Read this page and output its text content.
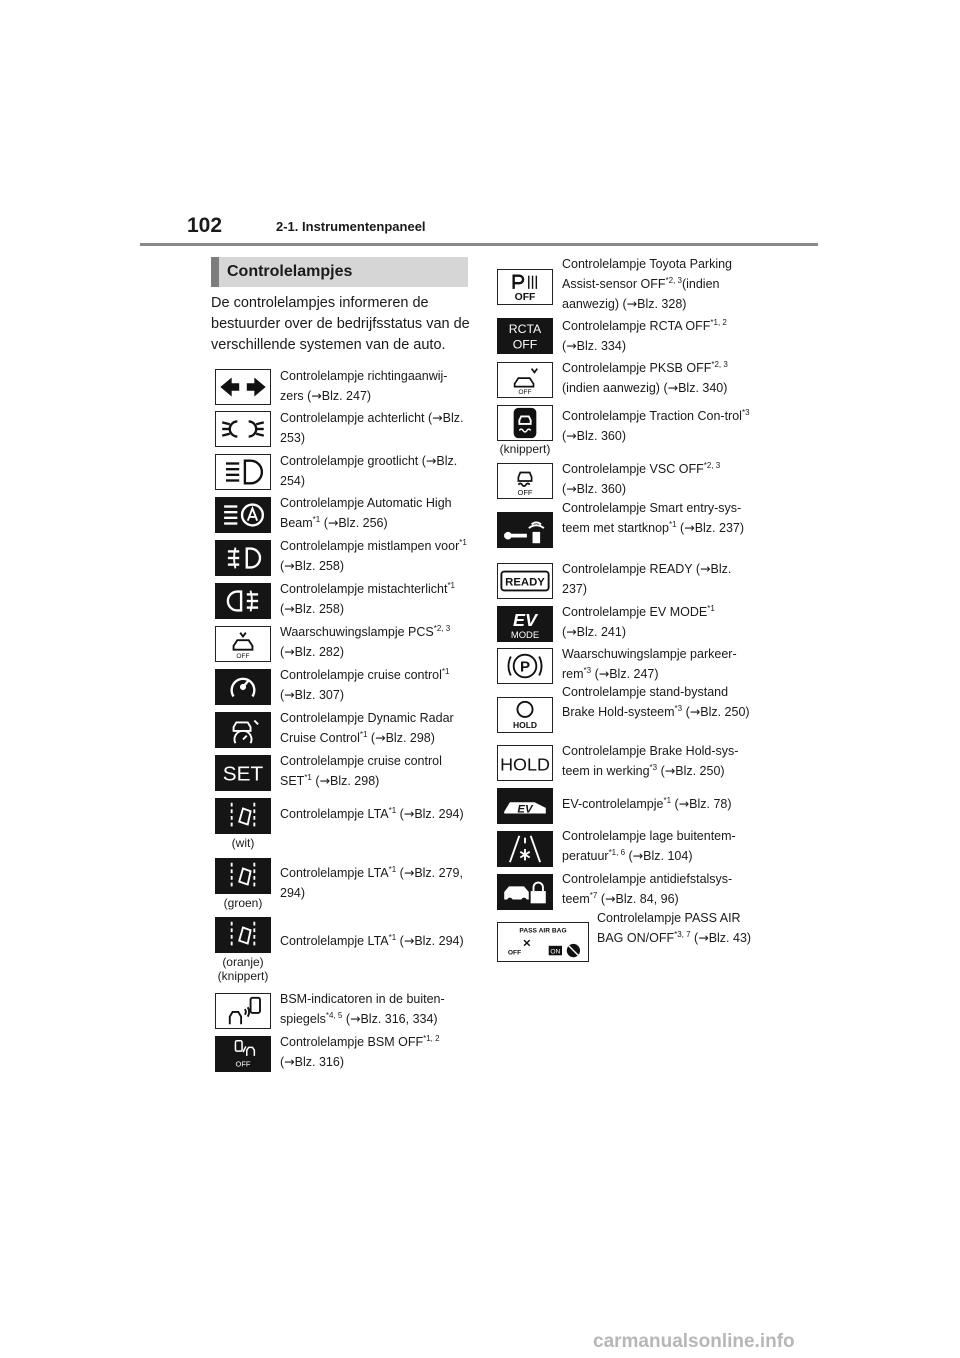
102	2-1. Instrumentenpaneel
Controlelampjes
De controlelampjes informeren de bestuurder over de bedrijfsstatus van de verschillende systemen van de auto.
Controlelampje richtingaanwij-zers (→Blz. 247)
Controlelampje achterlicht (→Blz. 253)
Controlelampje grootlicht (→Blz. 254)
Controlelampje Automatic High Beam$^{*1}$ (→Blz. 256)
Controlelampje mistlampen voor$^{*1}$ (→Blz. 258)
Controlelampje mistachterlicht$^{*1}$ (→Blz. 258)
OFF
Waarschuwingslampje PCS$^{*2, 3}$ (→Blz. 282)
Controlelampje cruise control$^{*1}$ (→Blz. 307)
Controlelampje Dynamic Radar Cruise Control$^{*1}$ (→Blz. 298)
SET
Controlelampje cruise control SET$^{*1}$ (→Blz. 298)
(wit)
Controlelampje LTA$^{*1}$ (→Blz. 294)
(groen)
Controlelampje LTA$^{*1}$ (→Blz. 279, 294)
(oranje)
(knippert)
Controlelampje LTA$^{*1}$ (→Blz. 294)
BSM-indicatoren in de buiten-spiegels$^{*4, 5}$ (→Blz. 316, 334)
OFF
Controlelampje BSM OFF$^{*1, 2}$ (→Blz. 316)
OFF
Controlelampje Toyota Parking Assist-sensor OFF$^{*2, 3}$(indien aanwezig) (→Blz. 328)
RCTA
OFF
Controlelampje RCTA OFF$^{*1, 2}$ (→Blz. 334)
OFF
Controlelampje PKSB OFF$^{*2, 3}$ (indien aanwezig) (→Blz. 340)
(knippert)
Controlelampje Traction Con-trol$^{*3}$ (→Blz. 360)
OFF
Controlelampje VSC OFF$^{*2, 3}$ (→Blz. 360)
Controlelampje Smart entry-sys-teem met startknop$^{*1}$ (→Blz. 237)
READY
Controlelampje READY (→Blz. 237)
EV
MODE
Controlelampje EV MODE$^{*1}$ (→Blz. 241)
P
Waarschuwingslampje parkeer-rem$^{*3}$ (→Blz. 247)
HOLD
Controlelampje stand-bystand Brake Hold-systeem$^{*3}$ (→Blz. 250)
HOLD
Controlelampje Brake Hold-sys-teem in werking$^{*3}$ (→Blz. 250)
EV EV-controlelampje$^{*1}$ (→Blz. 78)
Controlelampje lage buitentem-peratuur$^{*1, 6}$ (→Blz. 104)
Controlelampje antidiefstalsys-teem$^{*7}$ (→Blz. 84, 96)
PASS AIR BAG
OFF	ON
Controlelampje PASS AIR BAG ON/OFF$^{*3, 7}$ (→Blz. 43)
carmanualsonline.info
